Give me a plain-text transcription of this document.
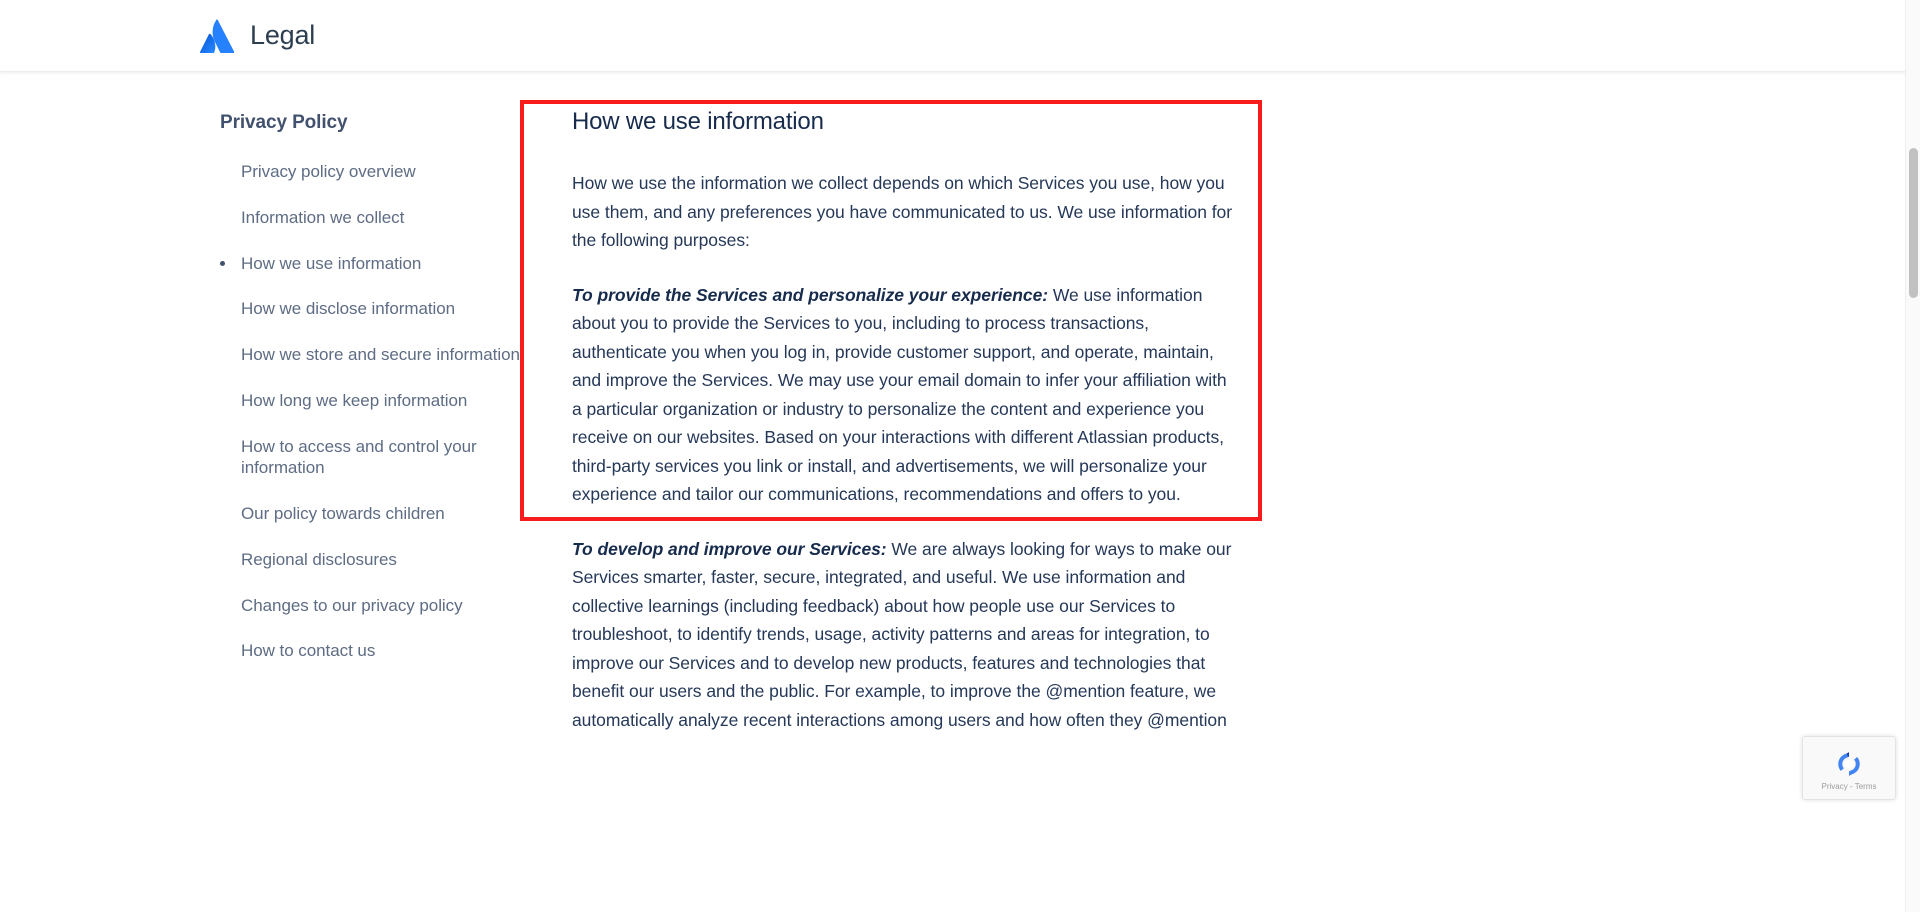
Legal
Privacy Policy
Privacy policy overview
Information we collect
How we use information
How we disclose information
How we store and secure information
How long we keep information
How to access and control your information
Our policy towards children
Regional disclosures
Changes to our privacy policy
How to contact us
How we use information

How we use the information we collect depends on which Services you use, how you use them, and any preferences you have communicated to us. We use information for the following purposes:

To provide the Services and personalize your experience: We use information about you to provide the Services to you, including to process transactions, authenticate you when you log in, provide customer support, and operate, maintain, and improve the Services. We may use your email domain to infer your affiliation with a particular organization or industry to personalize the content and experience you receive on our websites. Based on your interactions with different Atlassian products, third-party services you link or install, and advertisements, we will personalize your experience and tailor our communications, recommendations and offers to you.

To develop and improve our Services: We are always looking for ways to make our Services smarter, faster, secure, integrated, and useful. We use information and collective learnings (including feedback) about how people use our Services to troubleshoot, to identify trends, usage, activity patterns and areas for integration, to improve our Services and to develop new products, features and technologies that benefit our users and the public. For example, to improve the @mention feature, we automatically analyze recent interactions among users and how often they @mention

Privacy - Terms
